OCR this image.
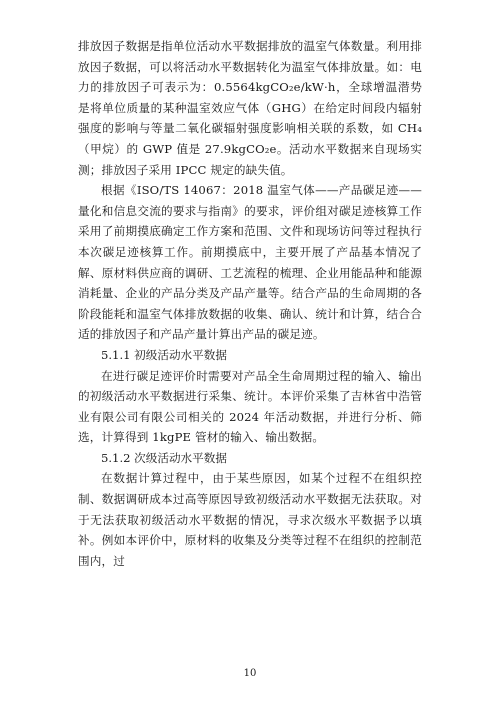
排放因子数据是指单位活动水平数据排放的温室气体数量。利用排放因子数据，可以将活动水平数据转化为温室气体排放量。如：电力的排放因子可表示为：0.5564kgCO₂e/kW·h，全球增温潜势是将单位质量的某种温室效应气体（GHG）在给定时间段内辐射强度的影响与等量二氧化碳辐射强度影响相关联的系数，如 CH₄（甲烷）的 GWP 值是 27.9kgCO₂e。活动水平数据来自现场实测；排放因子采用 IPCC 规定的缺失值。

根据《ISO/TS 14067：2018 温室气体——产品碳足迹——量化和信息交流的要求与指南》的要求，评价组对碳足迹核算工作采用了前期摸底确定工作方案和范围、文件和现场访问等过程执行本次碳足迹核算工作。前期摸底中，主要开展了产品基本情况了解、原材料供应商的调研、工艺流程的梳理、企业用能品种和能源消耗量、企业的产品分类及产品产量等。结合产品的生命周期的各阶段能耗和温室气体排放数据的收集、确认、统计和计算，结合合适的排放因子和产品产量计算出产品的碳足迹。

5.1.1 初级活动水平数据

在进行碳足迹评价时需要对产品全生命周期过程的输入、输出的初级活动水平数据进行采集、统计。本评价采集了吉林省中浩管业有限公司有限公司相关的 2024 年活动数据，并进行分析、筛选，计算得到 1kgPE 管材的输入、输出数据。

5.1.2 次级活动水平数据

在数据计算过程中，由于某些原因，如某个过程不在组织控制、数据调研成本过高等原因导致初级活动水平数据无法获取。对于无法获取初级活动水平数据的情况，寻求次级水平数据予以填补。例如本评价中，原材料的收集及分类等过程不在组织的控制范围内，过

10
